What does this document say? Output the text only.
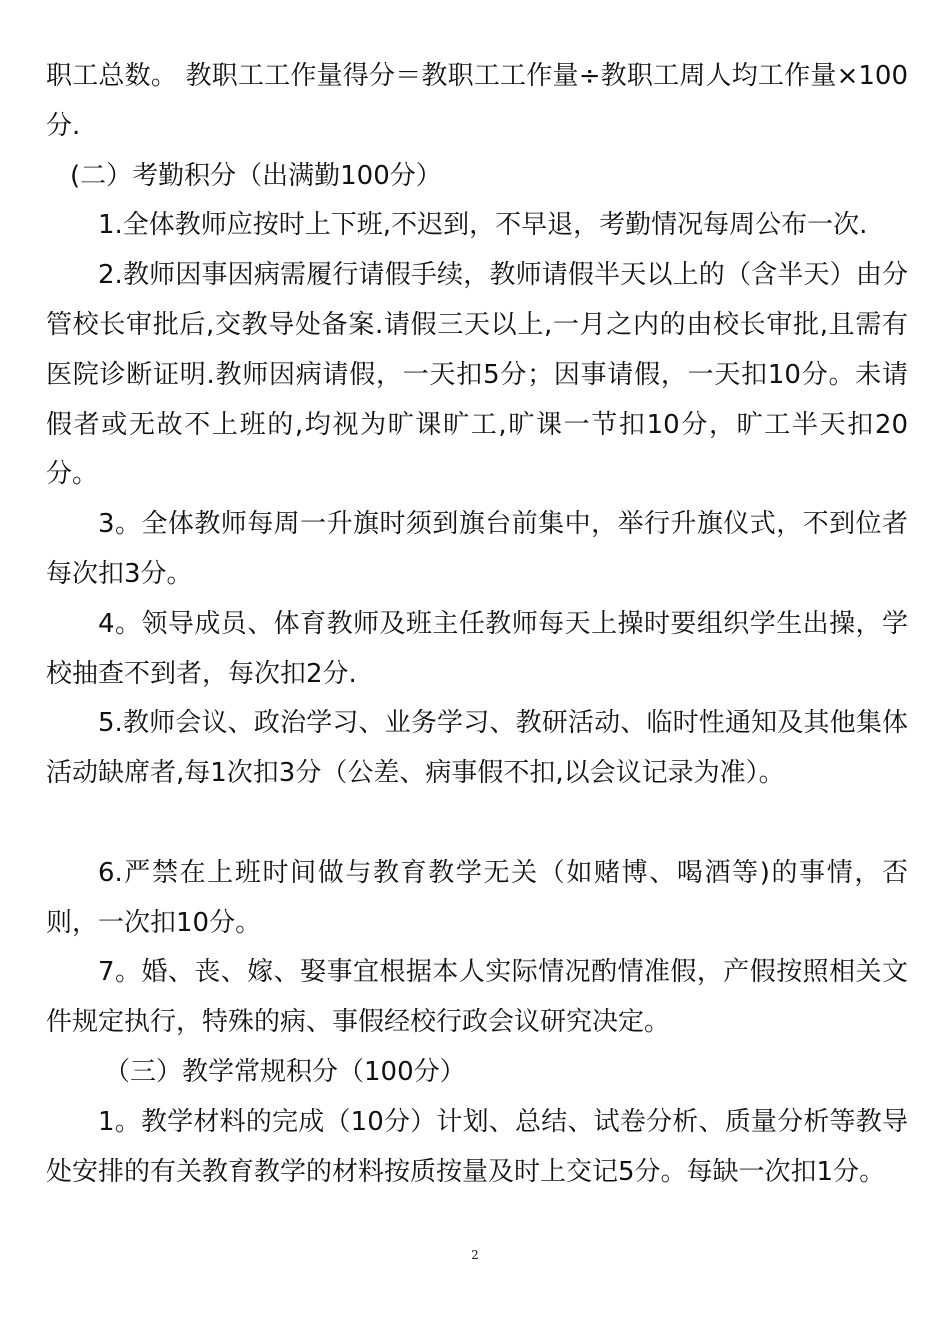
职工总数。 教职工工作量得分＝教职工工作量÷教职工周人均工作量×100分.

(二）考勤积分（出满勤100分）

1.全体教师应按时上下班,不迟到，不早退，考勤情况每周公布一次.

2.教师因事因病需履行请假手续，教师请假半天以上的（含半天）由分管校长审批后,交教导处备案.请假三天以上,一月之内的由校长审批,且需有医院诊断证明.教师因病请假，一天扣5分；因事请假，一天扣10分。未请假者或无故不上班的,均视为旷课旷工,旷课一节扣10分，旷工半天扣20分。

3。全体教师每周一升旗时须到旗台前集中，举行升旗仪式，不到位者每次扣3分。

4。领导成员、体育教师及班主任教师每天上操时要组织学生出操，学校抽查不到者，每次扣2分.

5.教师会议、政治学习、业务学习、教研活动、临时性通知及其他集体活动缺席者,每1次扣3分（公差、病事假不扣,以会议记录为准）。

6.严禁在上班时间做与教育教学无关（如赌博、喝酒等)的事情，否则，一次扣10分。

7。婚、丧、嫁、娶事宜根据本人实际情况酌情准假，产假按照相关文件规定执行，特殊的病、事假经校行政会议研究决定。

（三）教学常规积分（100分）

1。教学材料的完成（10分）计划、总结、试卷分析、质量分析等教导处安排的有关教育教学的材料按质按量及时上交记5分。每缺一次扣1分。

2
